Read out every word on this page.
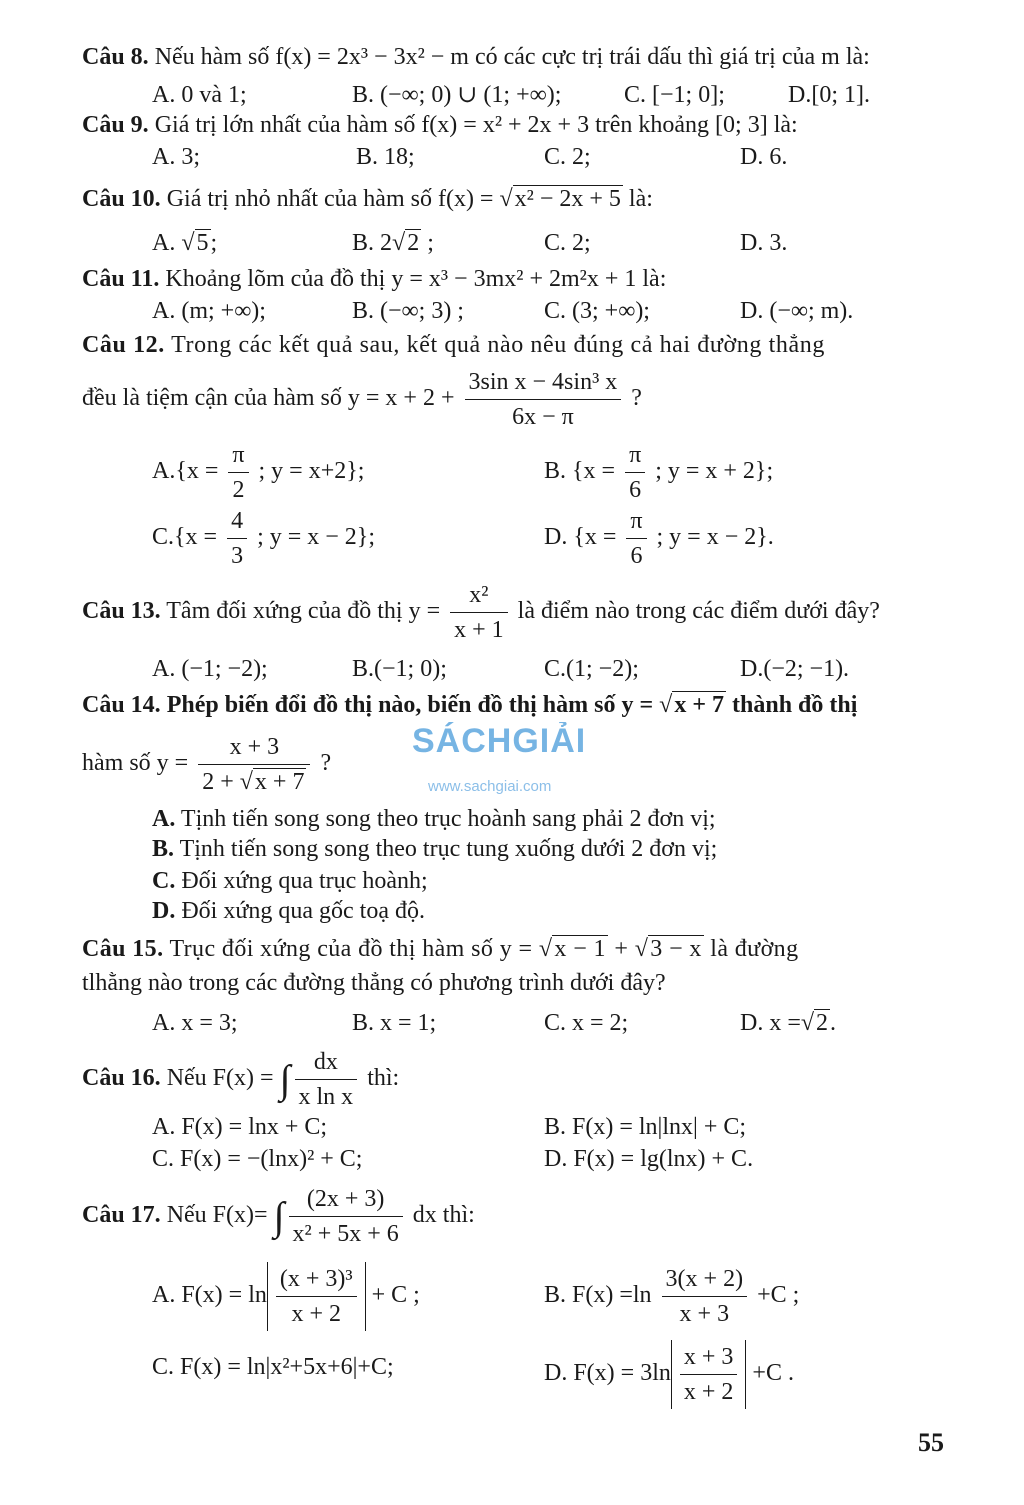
Câu 8. Nếu hàm số f(x) = 2x³ − 3x² − m có các cực trị trái dấu thì giá trị của m là:
A. 0 và 1;	B. (−∞; 0) ∪ (1; +∞);	C. [−1; 0];	D.[0; 1].
Câu 9. Giá trị lớn nhất của hàm số f(x) = x² + 2x + 3 trên khoảng [0; 3] là:
A. 3;	B. 18;	C. 2;	D. 6.
Câu 10. Giá trị nhỏ nhất của hàm số f(x) = √x² − 2x + 5 là:
A. √5;	B. 2√2 ;	C. 2;	D. 3.
Câu 11. Khoảng lõm của đồ thị y = x³ − 3mx² + 2m²x + 1 là:
A. (m; +∞);	B. (−∞; 3) ;	C. (3; +∞);	D. (−∞; m).
Câu 12. Trong các kết quả sau, kết quả nào nêu đúng cả hai đường thẳng
đều là tiệm cận của hàm số $y = x + 2 + \frac{\text{3sin x − 4sin³ x}}{6x - \pi}$ ?
$A.\{x = \frac{\pi}{2}$ ; y = x+2};	B. {$x = \frac{\pi}{6}$ ; y = x + 2};
$C.\{x = \frac{4}{3}$ ; y = x − 2};	D. {$x = \frac{\pi}{6}$ ; y = x − 2}.
Câu 13. Tâm đối xứng của đồ thị $y = \frac{\text{x²}}{x + 1}$ là điểm nào trong các điểm dưới đây?
A. (−1; −2);	B.(−1; 0);	C.(1; −2);	D.(−2; −1).
Câu 14. Phép biến đổi đồ thị nào, biến đồ thị hàm số y = √x + 7 thành đồ thị
hàm số $y = \frac{x + 3}{2 + √x + 7}$ ?
A. Tịnh tiến song song theo trục hoành sang phải 2 đơn vị;
B. Tịnh tiến song song theo trục tung xuống dưới 2 đơn vị;
C. Đối xứng qua trục hoành;
D. Đối xứng qua gốc toạ độ.
Câu 15. Trục đối xứng của đồ thị hàm số y = √x − 1 + √3 − x là đường
tlhằng nào trong các đường thẳng có phương trình dưới đây?
A. x = 3;	B. x = 1;	C. x = 2;	D. x =√2.
Câu 16. Nếu F(x) = ∫ $\frac{dx}{\text{x ln x}}$ thì:
A. F(x) = lnx + C;	B. F(x) = ln|lnx| + C;
C. F(x) = −(lnx)² + C;	D. F(x) = lg(lnx) + C.
Câu 17. Nếu F(x)= ∫ $\frac{(2x + 3)}{\text{x² + 5x + 6}}$ dx thì:
A. $F(x) = \ln \frac{\text{(x + 3)³}}{x + 2} + C$ ;	B. $F(x) =\ln \frac{3(x + 2)}{x + 3} +C$ ;
C. F(x) = ln|x²+5x+6|+C;	D. $F(x) = 3\ln \frac{x + 3}{x + 2} +C$ .
SÁCHGIẢI
www.sachgiai.com
55
